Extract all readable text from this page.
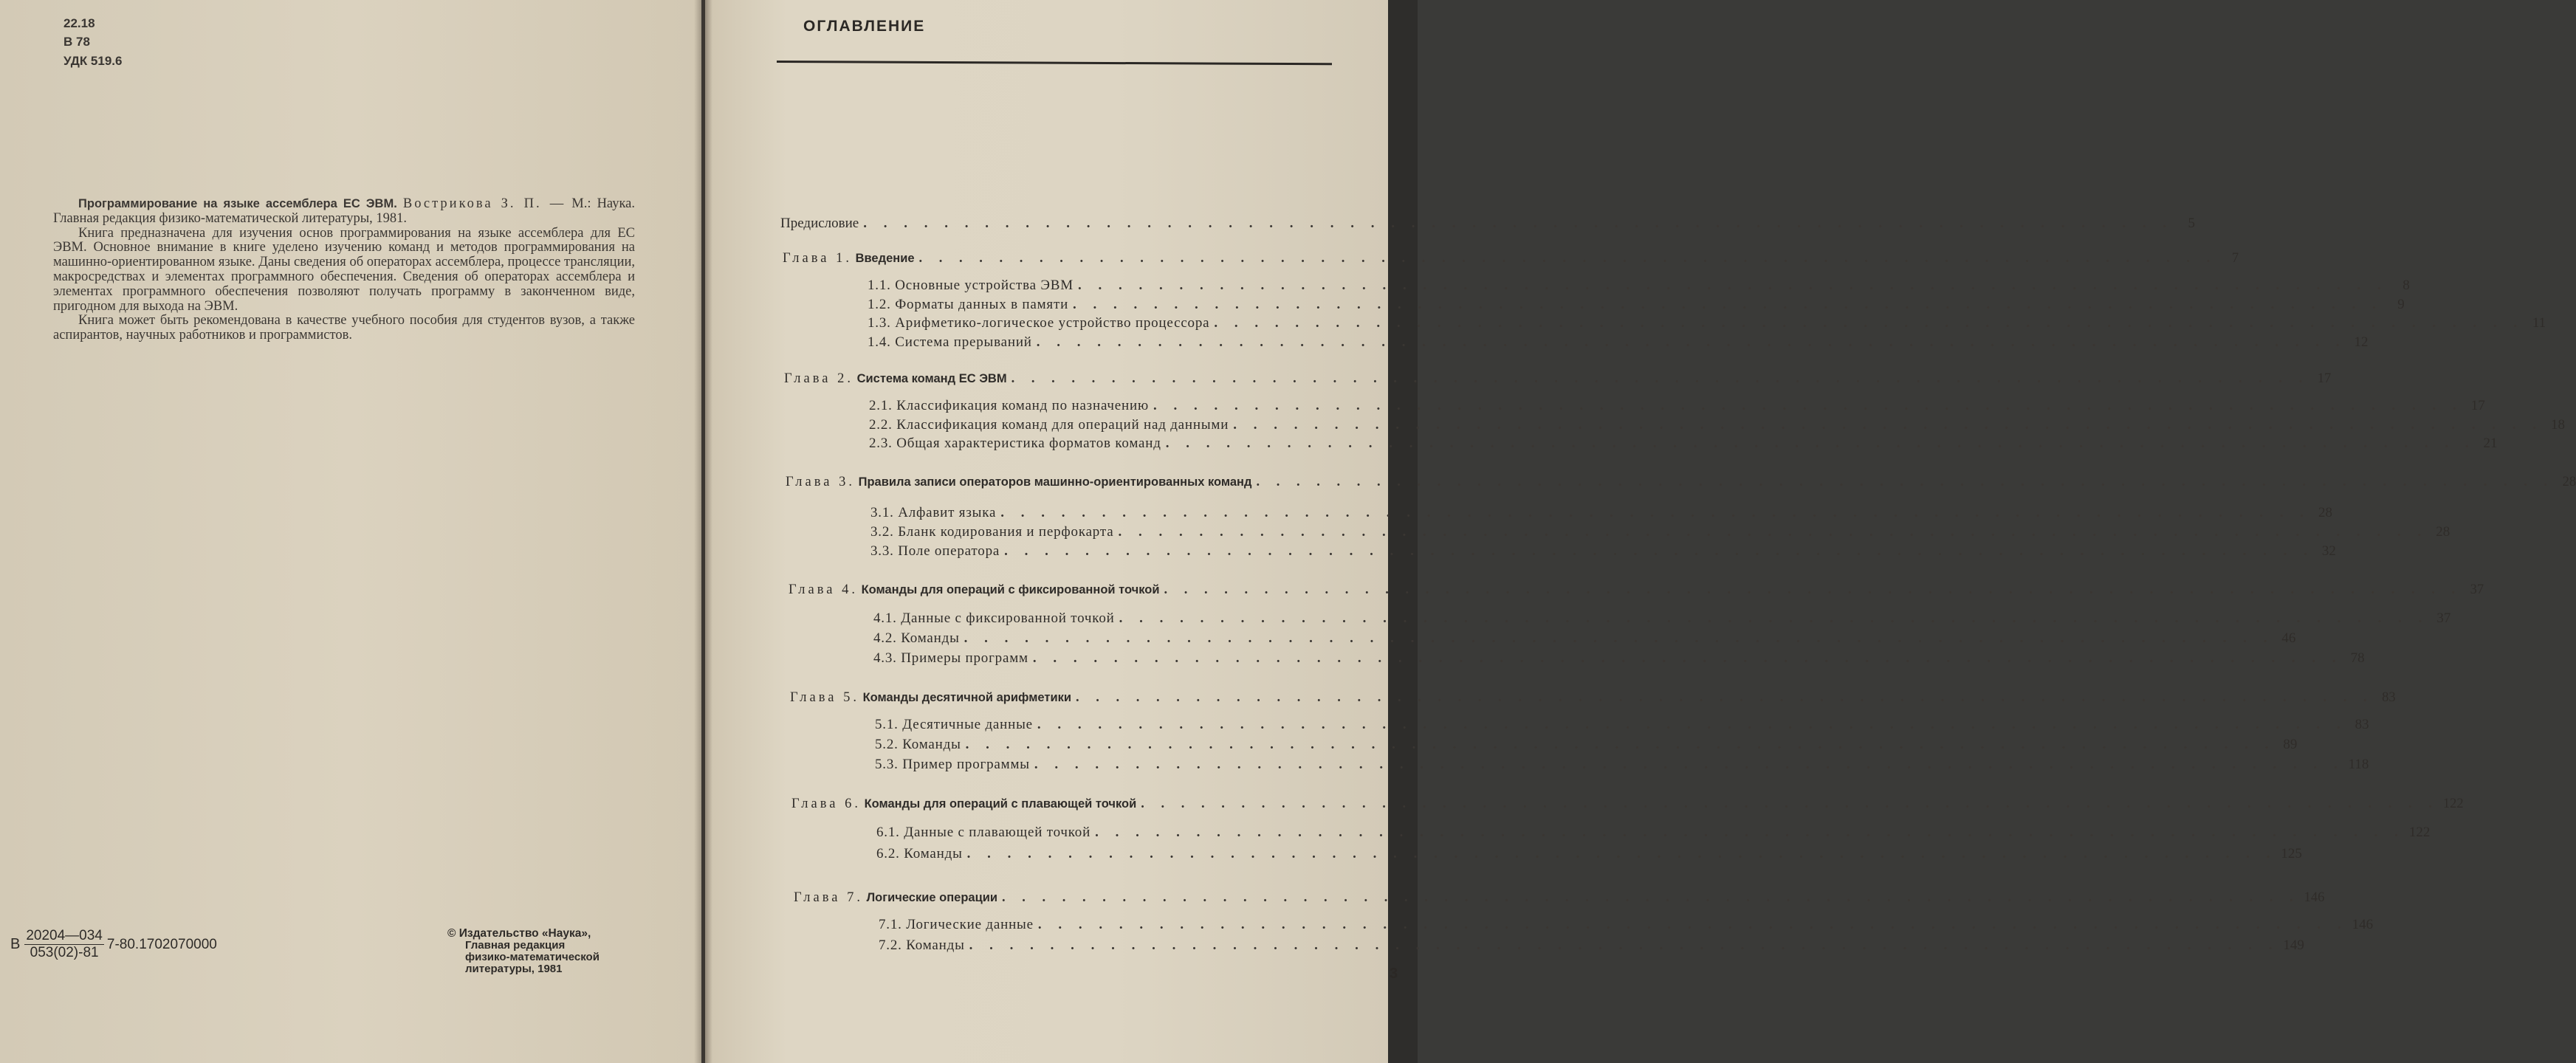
22.18
В 78
УДК 519.6

Программирование на языке ассемблера ЕС ЭВМ. Вострикова З. П. — М.: Наука. Главная редакция физико-математической литературы, 1981.

Книга предназначена для изучения основ программирования на языке ассемблера для ЕС ЭВМ. Основное внимание в книге уделено изучению команд и методов программирования на машинно-ориентированном языке. Даны сведения об операторах ассемблера, процессе трансляции, макросредствах и элементах программного обеспечения. Сведения об операторах ассемблера и элементах программного обеспечения позволяют получать программу в законченном виде, пригодном для выхода на ЭВМ.

Книга может быть рекомендована в качестве учебного пособия для студентов вузов, а также аспирантов, научных работников и программистов.

В $\frac{20204—034}{053(02)-81} 7-80.1702070000$
© Издательство «Наука»,
Главная редакция
физико-математической
литературы, 1981
ОГЛАВЛЕНИЕ
Предисловие . . . . . . . . . . . . . . . . . . . . . . . . . . . . . . . . . . . . . . . . . . . . . . . . . . . . . . . . . . . . . . . . .	5
Глава 1. Введение . . . . . . . . . . . . . . . . . . . . . . . . . . . . . . . . . . . . . . . . . . . . . . . . . . . . . . . . . . . . . . . . .	7
1.1. Основные устройства ЭВМ . . . . . . . . . . . . . . . . . . . . . . . . . . . . . . . . . . . . . . . . . . . . . . . . . . . . . . . . . . . . . . . . .	8
1.2. Форматы данных в памяти . . . . . . . . . . . . . . . . . . . . . . . . . . . . . . . . . . . . . . . . . . . . . . . . . . . . . . . . . . . . . . . . .	9
1.3. Арифметико-логическое устройство процессора . . . . . . . . . . . . . . . . . . . . . . . . . . . . . . . . . . . . . . . . . . . . . . . . . . . . . . . . . . . . . . . . . 11
1.4. Система прерываний . . . . . . . . . . . . . . . . . . . . . . . . . . . . . . . . . . . . . . . . . . . . . . . . . . . . . . . . . . . . . . . . . 12
Глава 2. Система команд ЕС ЭВМ . . . . . . . . . . . . . . . . . . . . . . . . . . . . . . . . . . . . . . . . . . . . . . . . . . . . . . . . . . . . . . . . . 17
2.1. Классификация команд по назначению . . . . . . . . . . . . . . . . . . . . . . . . . . . . . . . . . . . . . . . . . . . . . . . . . . . . . . . . . . . . . . . . . 17
2.2. Классификация команд для операций над данными . . . . . . . . . . . . . . . . . . . . . . . . . . . . . . . . . . . . . . . . . . . . . . . . . . . . . . . . . . . . . . . . . 18
2.3. Общая характеристика форматов команд . . . . . . . . . . . . . . . . . . . . . . . . . . . . . . . . . . . . . . . . . . . . . . . . . . . . . . . . . . . . . . . . . 21
Глава 3. Правила записи операторов машинно-ориентированных команд . . . . . . . . . . . . . . . . . . . . . . . . . . . . . . . . . . . . . . . . . . . . . . . . . . . . . . . . . . . . . . . . . 28
3.1. Алфавит языка . . . . . . . . . . . . . . . . . . . . . . . . . . . . . . . . . . . . . . . . . . . . . . . . . . . . . . . . . . . . . . . . . 28
3.2. Бланк кодирования и перфокарта . . . . . . . . . . . . . . . . . . . . . . . . . . . . . . . . . . . . . . . . . . . . . . . . . . . . . . . . . . . . . . . . . 28
3.3. Поле оператора . . . . . . . . . . . . . . . . . . . . . . . . . . . . . . . . . . . . . . . . . . . . . . . . . . . . . . . . . . . . . . . . . 32
Глава 4. Команды для операций с фиксированной точкой . . . . . . . . . . . . . . . . . . . . . . . . . . . . . . . . . . . . . . . . . . . . . . . . . . . . . . . . . . . . . . . . . 37
4.1. Данные с фиксированной точкой . . . . . . . . . . . . . . . . . . . . . . . . . . . . . . . . . . . . . . . . . . . . . . . . . . . . . . . . . . . . . . . . . 37
4.2. Команды . . . . . . . . . . . . . . . . . . . . . . . . . . . . . . . . . . . . . . . . . . . . . . . . . . . . . . . . . . . . . . . . . 46
4.3. Примеры программ . . . . . . . . . . . . . . . . . . . . . . . . . . . . . . . . . . . . . . . . . . . . . . . . . . . . . . . . . . . . . . . . . 78
Глава 5. Команды десятичной арифметики . . . . . . . . . . . . . . . . . . . . . . . . . . . . . . . . . . . . . . . . . . . . . . . . . . . . . . . . . . . . . . . . . 83
5.1. Десятичные данные . . . . . . . . . . . . . . . . . . . . . . . . . . . . . . . . . . . . . . . . . . . . . . . . . . . . . . . . . . . . . . . . . 83
5.2. Команды . . . . . . . . . . . . . . . . . . . . . . . . . . . . . . . . . . . . . . . . . . . . . . . . . . . . . . . . . . . . . . . . . 89
5.3. Пример программы . . . . . . . . . . . . . . . . . . . . . . . . . . . . . . . . . . . . . . . . . . . . . . . . . . . . . . . . . . . . . . . . . 118
Глава 6. Команды для операций с плавающей точкой . . . . . . . . . . . . . . . . . . . . . . . . . . . . . . . . . . . . . . . . . . . . . . . . . . . . . . . . . . . . . . . . . 122
6.1. Данные с плавающей точкой . . . . . . . . . . . . . . . . . . . . . . . . . . . . . . . . . . . . . . . . . . . . . . . . . . . . . . . . . . . . . . . . . 122
6.2. Команды . . . . . . . . . . . . . . . . . . . . . . . . . . . . . . . . . . . . . . . . . . . . . . . . . . . . . . . . . . . . . . . . . 125
Глава 7. Логические операции . . . . . . . . . . . . . . . . . . . . . . . . . . . . . . . . . . . . . . . . . . . . . . . . . . . . . . . . . . . . . . . . . 146
7.1. Логические данные . . . . . . . . . . . . . . . . . . . . . . . . . . . . . . . . . . . . . . . . . . . . . . . . . . . . . . . . . . . . . . . . . 146
7.2. Команды . . . . . . . . . . . . . . . . . . . . . . . . . . . . . . . . . . . . . . . . . . . . . . . . . . . . . . . . . . . . . . . . . 149
3
